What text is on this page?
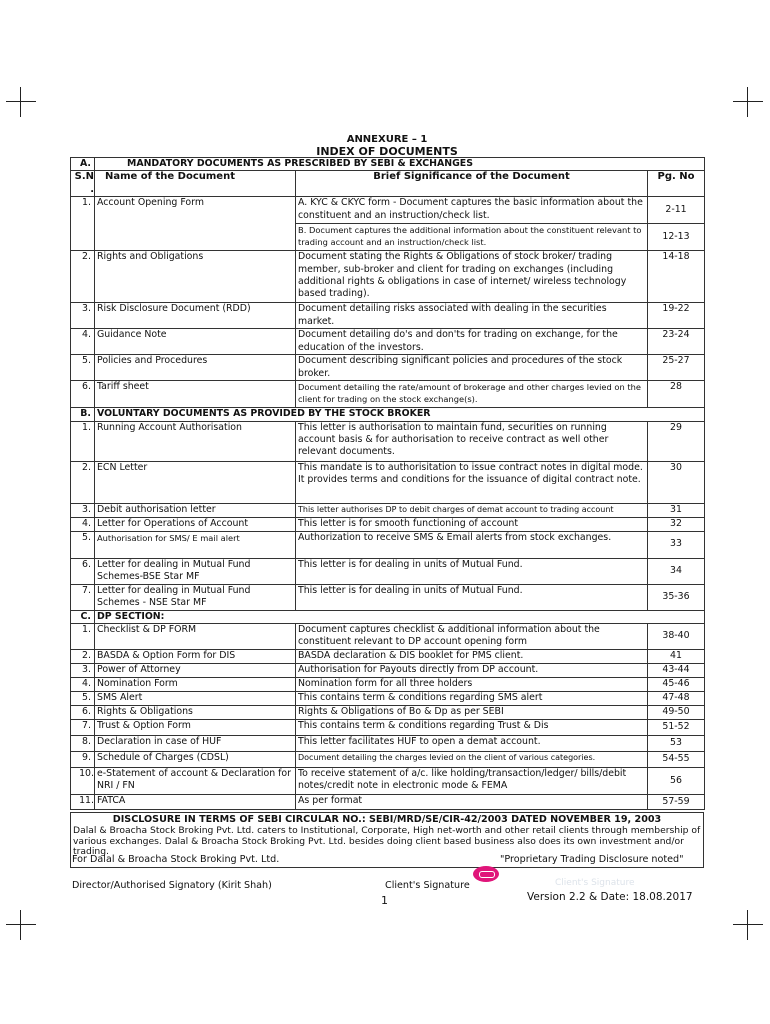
ANNEXURE – 1
INDEX OF DOCUMENTS
A.	MANDATORY DOCUMENTS AS PRESCRIBED BY SEBI & EXCHANGES		
S.N.	Name of the Document	Brief Significance of the Document	Pg. No
1.	Account Opening Form	A. KYC & CKYC form - Document captures the basic information about the constituent and an instruction/check list.	2-11
		B. Document captures the additional information about the constituent relevant to trading account and an instruction/check list.	12-13
2.	Rights and Obligations	Document stating the Rights & Obligations of stock broker/ trading member, sub-broker and client for trading on exchanges (including additional rights & obligations in case of internet/ wireless technology based trading).	14-18
3.	Risk Disclosure Document (RDD)	Document detailing risks associated with dealing in the securities market.	19-22
4.	Guidance Note	Document detailing do's and don'ts for trading on exchange, for the education of the investors.	23-24
5.	Policies and Procedures	Document describing significant policies and procedures of the stock broker.	25-27
6.	Tariff sheet	Document detailing the rate/amount of brokerage and other charges levied on the client for trading on the stock exchange(s).	28
B.	VOLUNTARY DOCUMENTS AS PROVIDED BY THE STOCK BROKER		
1.	Running Account Authorisation	This letter is authorisation to maintain fund, securities on running account basis & for authorisation to receive contract as well other relevant documents.	29
2.	ECN Letter	This mandate is to authorisitation to issue contract notes in digital mode. It provides terms and conditions for the issuance of digital contract note.	30
3.	Debit authorisation letter	This letter authorises DP to debit charges of demat account to trading account	31
4.	Letter for Operations of Account	This letter is for smooth functioning of account	32
5.	Authorisation for SMS/ E mail alert	Authorization to receive SMS & Email alerts from stock exchanges.	33
6.	Letter for dealing in Mutual Fund Schemes-BSE Star MF	This letter is for dealing in units of Mutual Fund.	34
7.	Letter for dealing in Mutual Fund Schemes - NSE Star MF	This letter is for dealing in units of Mutual Fund.	35-36
C.	DP SECTION:		
1.	Checklist & DP FORM	Document captures checklist & additional information about the constituent relevant to DP account opening form	38-40
2.	BASDA & Option Form for DIS	BASDA declaration & DIS booklet for PMS client.	41
3.	Power of Attorney	Authorisation for Payouts directly from DP account.	43-44
4.	Nomination Form	Nomination form for all three holders	45-46
5.	SMS Alert	This contains term & conditions regarding SMS alert	47-48
6.	Rights & Obligations	Rights & Obligations of Bo & Dp as per SEBI	49-50
7.	Trust & Option Form	This contains term & conditions regarding Trust & Dis	51-52
8.	Declaration in case of HUF	This letter facilitates HUF to open a demat account.	53
9.	Schedule of Charges (CDSL)	Document detailing the charges levied on the client of various categories.	54-55
10.	e-Statement of account & Declaration for NRI / FN	To receive statement of a/c. like holding/transaction/ledger/ bills/debit notes/credit note in electronic mode & FEMA	56
11.	FATCA	As per format	57-59
DISCLOSURE IN TERMS OF SEBI CIRCULAR NO.: SEBI/MRD/SE/CIR-42/2003 DATED NOVEMBER 19, 2003
Dalal & Broacha Stock Broking Pvt. Ltd. caters to Institutional, Corporate, High net-worth and other retail clients through membership of various exchanges. Dalal & Broacha Stock Broking Pvt. Ltd. besides doing client based business also does its own investment and/or trading.
For Dalal & Broacha Stock Broking Pvt. Ltd.	"Proprietary Trading Disclosure noted"
Director/Authorised Signatory (Kirit Shah)	Client's Signature	Client's Signature
1	Version 2.2 & Date: 18.08.2017
